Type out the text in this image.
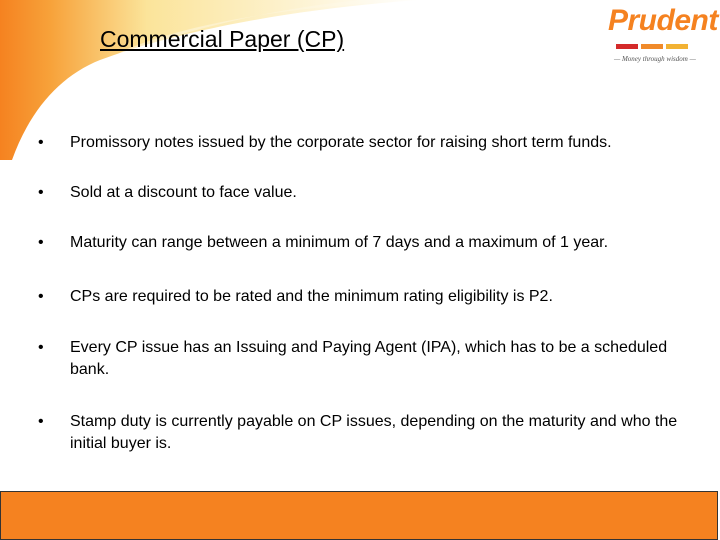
Commercial Paper (CP)
Prudent
— Money through wisdom —
•	Promissory notes issued by the corporate sector for raising short term funds.
•	Sold at a discount to face value.
•	Maturity can range between a minimum of 7 days and a maximum of 1 year.
•	CPs are required to be rated and the minimum rating eligibility is P2.
•	Every CP issue has an Issuing and Paying Agent (IPA), which has to be a scheduled bank.
•	Stamp duty is currently payable on CP issues, depending on the maturity and who the initial buyer is.
